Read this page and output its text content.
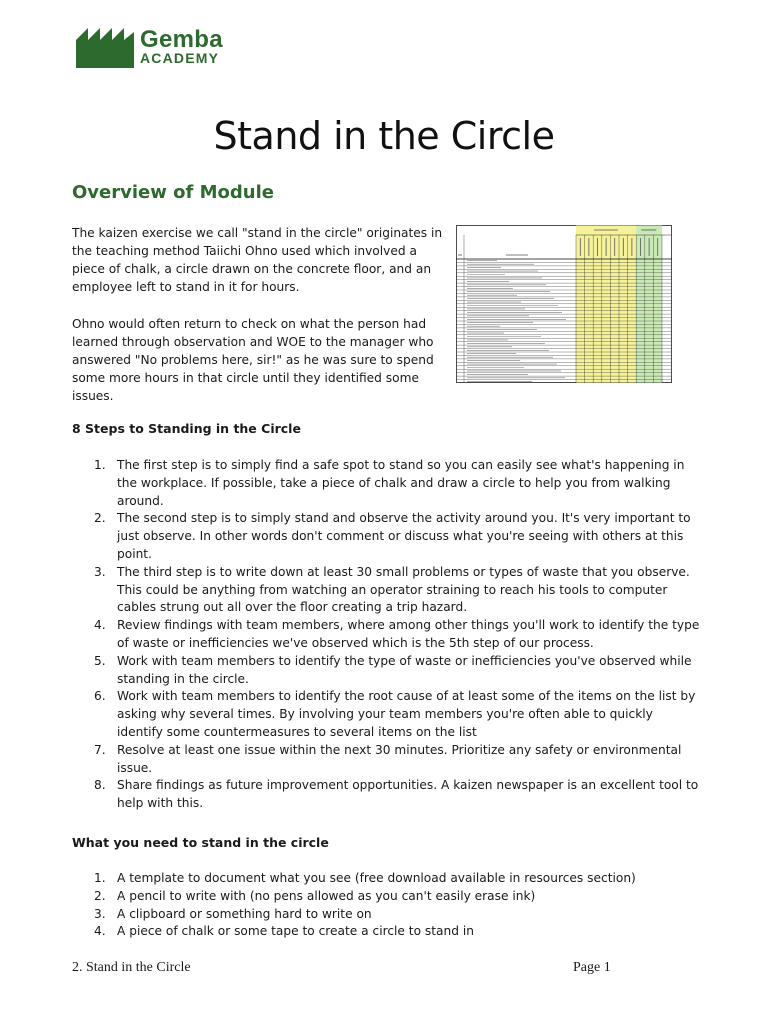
Gemba
ACADEMY
Stand in the Circle
Overview of Module

The kaizen exercise we call "stand in the circle" originates in the teaching method Taiichi Ohno used which involved a piece of chalk, a circle drawn on the concrete floor, and an employee left to stand in it for hours.

Ohno would often return to check on what the person had learned through observation and WOE to the manager who answered "No problems here, sir!" as he was sure to spend some more hours in that circle until they identified some issues.

8 Steps to Standing in the Circle
1. The first step is to simply find a safe spot to stand so you can easily see what's happening in the workplace. If possible, take a piece of chalk and draw a circle to help you from walking around.
2. The second step is to simply stand and observe the activity around you. It's very important to just observe. In other words don't comment or discuss what you're seeing with others at this point.
3. The third step is to write down at least 30 small problems or types of waste that you observe. This could be anything from watching an operator straining to reach his tools to computer cables strung out all over the floor creating a trip hazard.
4. Review findings with team members, where among other things you'll work to identify the type of waste or inefficiencies we've observed which is the 5th step of our process.
5. Work with team members to identify the type of waste or inefficiencies you've observed while standing in the circle.
6. Work with team members to identify the root cause of at least some of the items on the list by asking why several times. By involving your team members you're often able to quickly identify some countermeasures to several items on the list
7. Resolve at least one issue within the next 30 minutes. Prioritize any safety or environmental issue.
8. Share findings as future improvement opportunities. A kaizen newspaper is an excellent tool to help with this.
What you need to stand in the circle
1. A template to document what you see (free download available in resources section)
2. A pencil to write with (no pens allowed as you can't easily erase ink)
3. A clipboard or something hard to write on
4. A piece of chalk or some tape to create a circle to stand in
2. Stand in the Circle	Page 1
